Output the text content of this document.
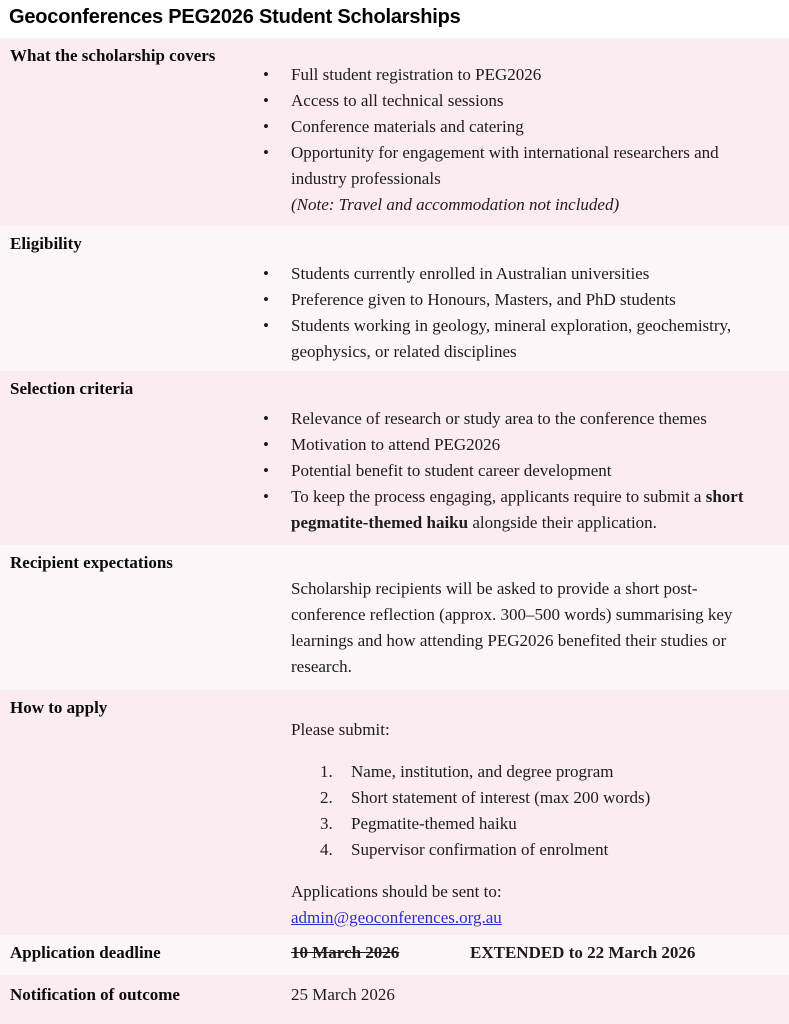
Geoconferences PEG2026 Student Scholarships
What the scholarship covers
• Full student registration to PEG2026
• Access to all technical sessions
• Conference materials and catering
• Opportunity for engagement with international researchers and industry professionals
(Note: Travel and accommodation not included)
Eligibility
• Students currently enrolled in Australian universities
• Preference given to Honours, Masters, and PhD students
• Students working in geology, mineral exploration, geochemistry, geophysics, or related disciplines
Selection criteria
• Relevance of research or study area to the conference themes
• Motivation to attend PEG2026
• Potential benefit to student career development
• To keep the process engaging, applicants require to submit a short pegmatite-themed haiku alongside their application.
Recipient expectations
Scholarship recipients will be asked to provide a short post-conference reflection (approx. 300–500 words) summarising key learnings and how attending PEG2026 benefited their studies or research.
How to apply
Please submit:
Name, institution, and degree program
Short statement of interest (max 200 words)
Pegmatite-themed haiku
Supervisor confirmation of enrolment
Applications should be sent to:
admin@geoconferences.org.au
Application deadline	10 March 2026	EXTENDED to 22 March 2026
Notification of outcome	25 March 2026
